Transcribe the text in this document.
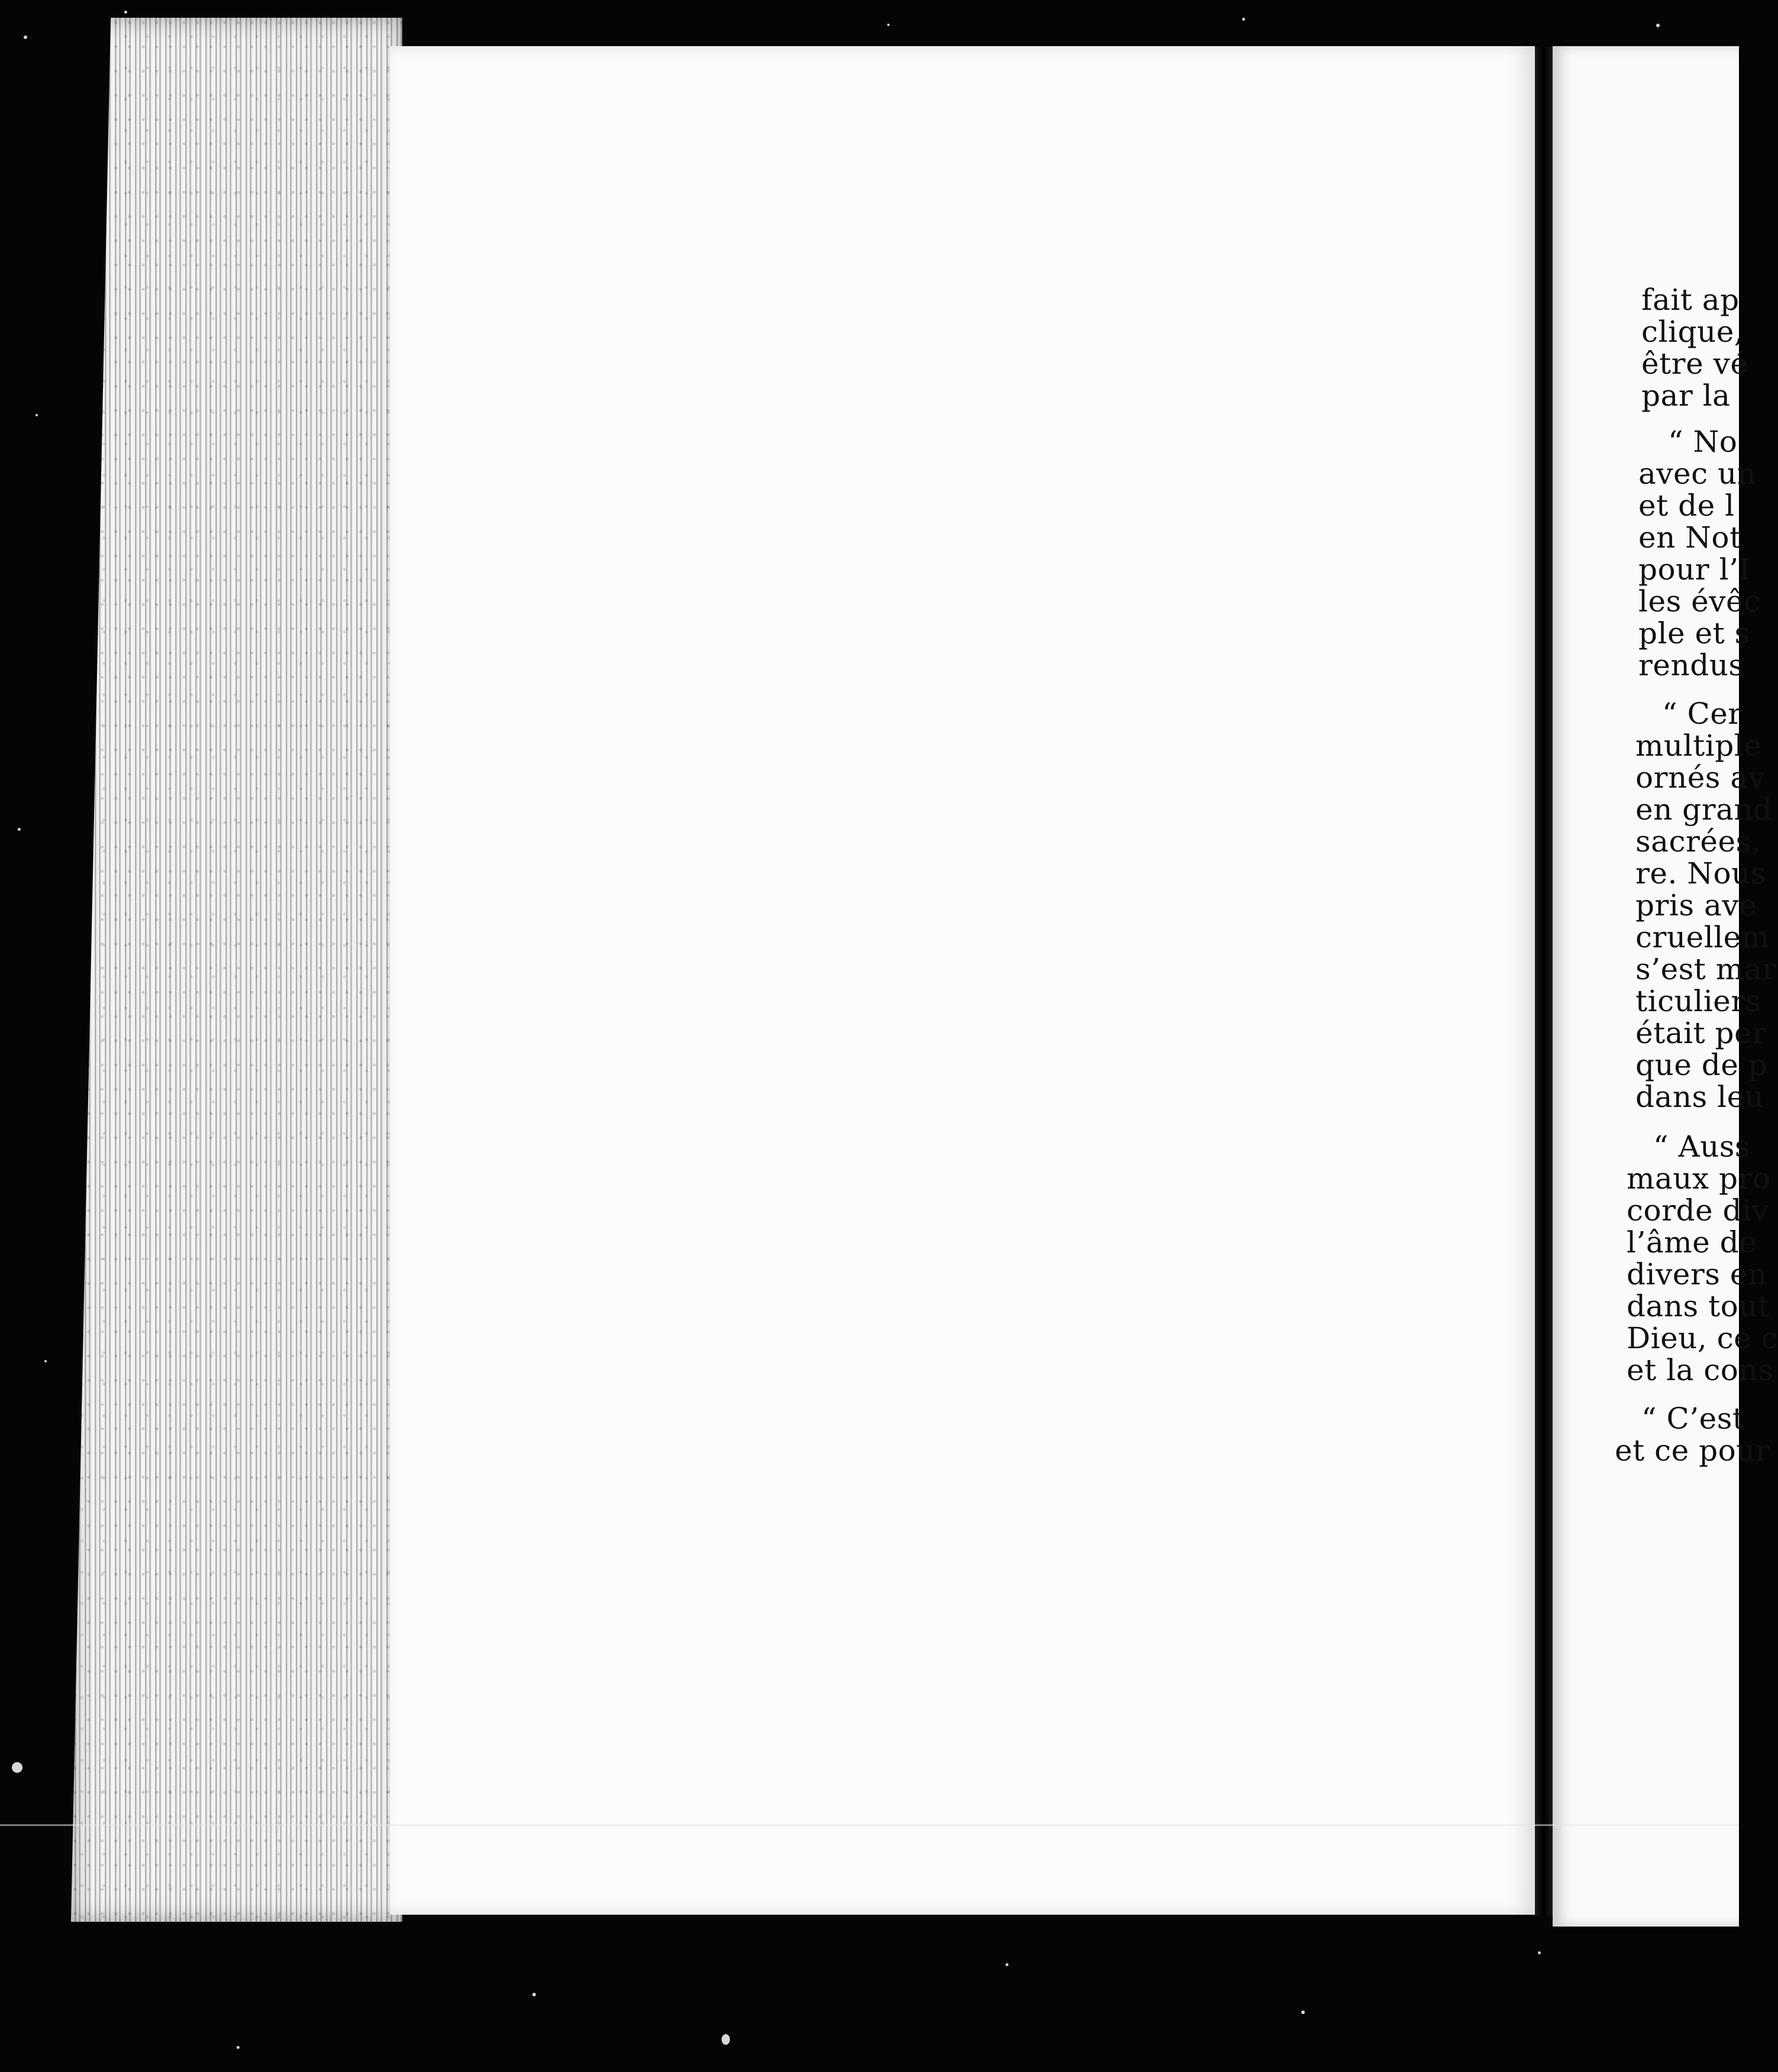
fait ap
clique,
être vé
par la
“ No
avec un
et de l
en Not
pour l’I
les évêc
ple et s
rendus
“ Cer
multiple
ornés av
en grand
sacrées,
re. Nous
pris ave
cruellem
s’est mar
ticuliers
était per
que de p
dans leu
“ Auss
maux pro
corde div
l’âme de
divers en
dans tout
Dieu, ce c
et la cons
“ C’est
et ce pour
